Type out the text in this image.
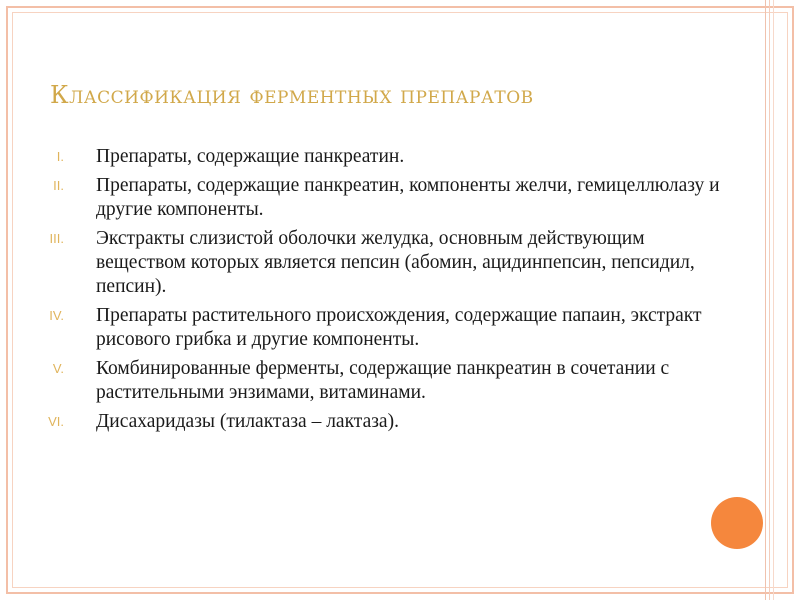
Классификация ферментных препаратов
I. Препараты, содержащие панкреатин.
II. Препараты, содержащие панкреатин, компоненты желчи, гемицеллюлазу и другие компоненты.
III. Экстракты слизистой оболочки желудка, основным действующим веществом которых является пепсин (абомин, ацидинпепсин, пепсидил, пепсин).
IV. Препараты растительного происхождения, содержащие папаин, экстракт рисового грибка и другие компоненты.
V. Комбинированные ферменты, содержащие панкреатин в сочетании с растительными энзимами, витаминами.
VI. Дисахаридазы (тилактаза – лактаза).
